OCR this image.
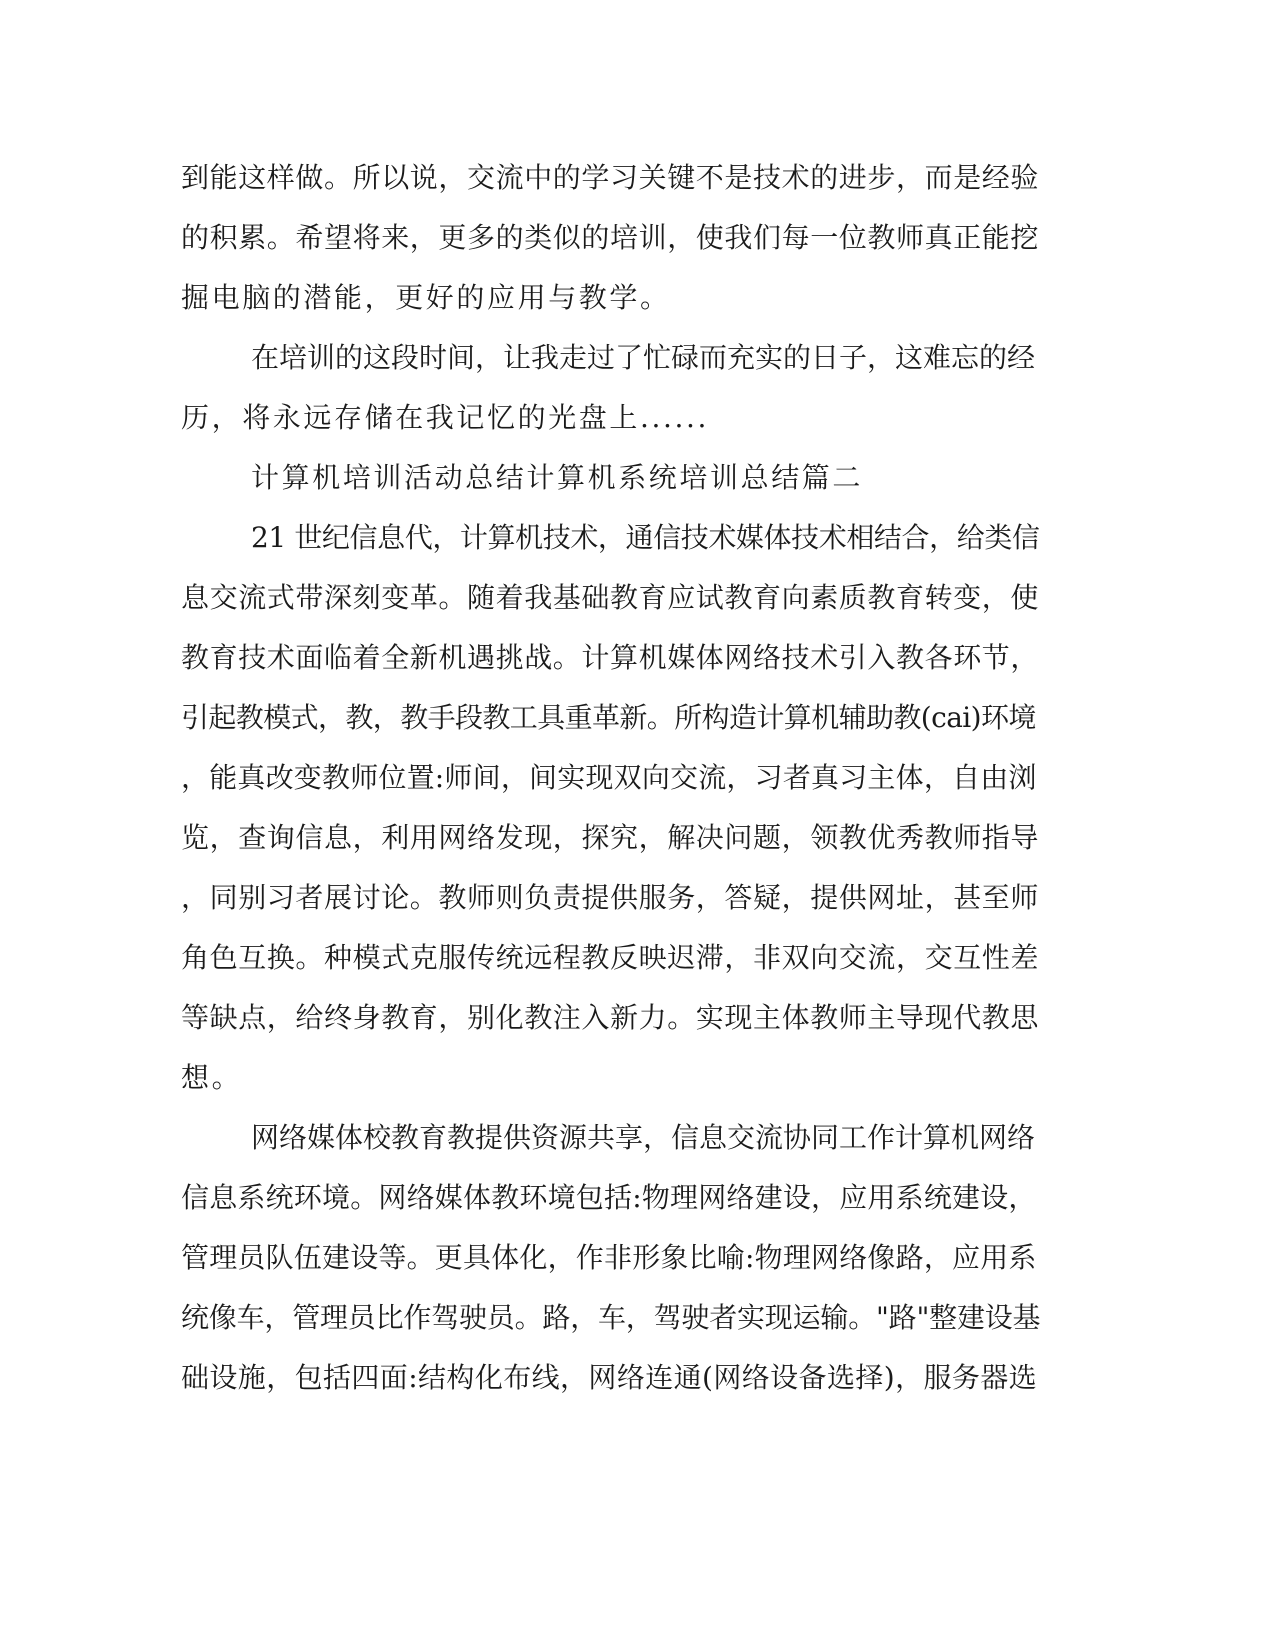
到能这样做。所以说，交流中的学习关键不是技术的进步，而是经验
的积累。希望将来，更多的类似的培训，使我们每一位教师真正能挖
掘电脑的潜能，更好的应用与教学。
在培训的这段时间，让我走过了忙碌而充实的日子，这难忘的经
历，将永远存储在我记忆的光盘上......
计算机培训活动总结计算机系统培训总结篇二
21 世纪信息代，计算机技术，通信技术媒体技术相结合，给类信
息交流式带深刻变革。随着我基础教育应试教育向素质教育转变，使
教育技术面临着全新机遇挑战。计算机媒体网络技术引入教各环节，
引起教模式，教，教手段教工具重革新。所构造计算机辅助教(cai)环境
，能真改变教师位置:师间，间实现双向交流，习者真习主体，自由浏
览，查询信息，利用网络发现，探究，解决问题，领教优秀教师指导
，同别习者展讨论。教师则负责提供服务，答疑，提供网址，甚至师
角色互换。种模式克服传统远程教反映迟滞，非双向交流，交互性差
等缺点，给终身教育，别化教注入新力。实现主体教师主导现代教思
想。
网络媒体校教育教提供资源共享，信息交流协同工作计算机网络
信息系统环境。网络媒体教环境包括:物理网络建设，应用系统建设，
管理员队伍建设等。更具体化，作非形象比喻:物理网络像路，应用系
统像车，管理员比作驾驶员。路，车，驾驶者实现运输。"路"整建设基
础设施，包括四面:结构化布线，网络连通(网络设备选择)，服务器选
